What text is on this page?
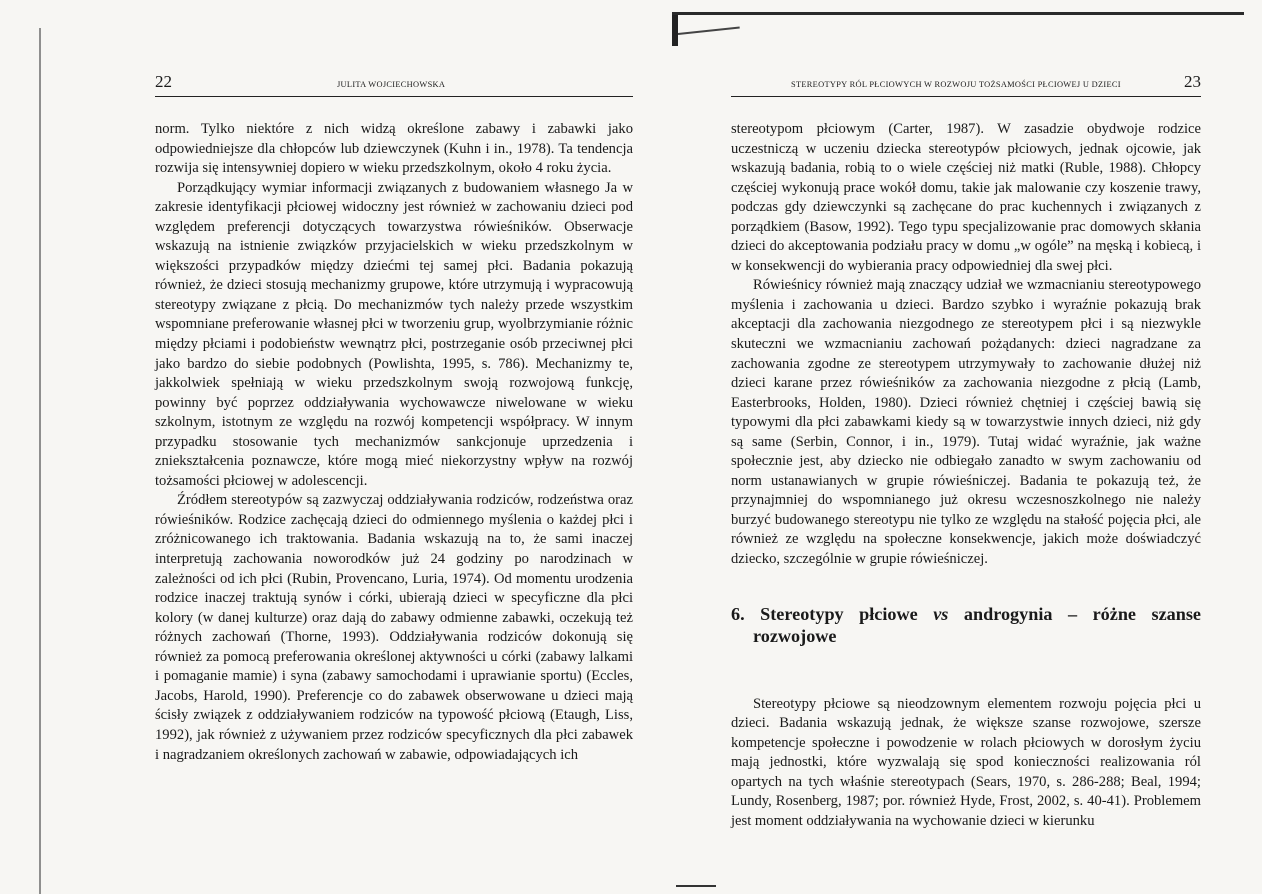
22	JULITA WOJCIECHOWSKA

norm. Tylko niektóre z nich widzą określone zabawy i zabawki jako odpowiedniejsze dla chłopców lub dziewczynek (Kuhn i in., 1978). Ta tendencja rozwija się intensywniej dopiero w wieku przedszkolnym, około 4 roku życia.

Porządkujący wymiar informacji związanych z budowaniem własnego Ja w zakresie identyfikacji płciowej widoczny jest również w zachowaniu dzieci pod względem preferencji dotyczących towarzystwa rówieśników. Obserwacje wskazują na istnienie związków przyjacielskich w wieku przedszkolnym w większości przypadków między dziećmi tej samej płci. Badania pokazują również, że dzieci stosują mechanizmy grupowe, które utrzymują i wypracowują stereotypy związane z płcią. Do mechanizmów tych należy przede wszystkim wspomniane preferowanie własnej płci w tworzeniu grup, wyolbrzymianie różnic między płciami i podobieństw wewnątrz płci, postrzeganie osób przeciwnej płci jako bardzo do siebie podobnych (Powlishta, 1995, s. 786). Mechanizmy te, jakkolwiek spełniają w wieku przedszkolnym swoją rozwojową funkcję, powinny być poprzez oddziaływania wychowawcze niwelowane w wieku szkolnym, istotnym ze względu na rozwój kompetencji współpracy. W innym przypadku stosowanie tych mechanizmów sankcjonuje uprzedzenia i zniekształcenia poznawcze, które mogą mieć niekorzystny wpływ na rozwój tożsamości płciowej w adolescencji.

Źródłem stereotypów są zazwyczaj oddziaływania rodziców, rodzeństwa oraz rówieśników. Rodzice zachęcają dzieci do odmiennego myślenia o każdej płci i zróżnicowanego ich traktowania. Badania wskazują na to, że sami inaczej interpretują zachowania noworodków już 24 godziny po narodzinach w zależności od ich płci (Rubin, Provencano, Luria, 1974). Od momentu urodzenia rodzice inaczej traktują synów i córki, ubierają dzieci w specyficzne dla płci kolory (w danej kulturze) oraz dają do zabawy odmienne zabawki, oczekują też różnych zachowań (Thorne, 1993). Oddziaływania rodziców dokonują się również za pomocą preferowania określonej aktywności u córki (zabawy lalkami i pomaganie mamie) i syna (zabawy samochodami i uprawianie sportu) (Eccles, Jacobs, Harold, 1990). Preferencje co do zabawek obserwowane u dzieci mają ścisły związek z oddziaływaniem rodziców na typowość płciową (Etaugh, Liss, 1992), jak również z używaniem przez rodziców specyficznych dla płci zabawek i nagradzaniem określonych zachowań w zabawie, odpowiadających ich

STEREOTYPY RÓL PŁCIOWYCH W ROZWOJU TOŻSAMOŚCI PŁCIOWEJ U DZIECI	23

stereotypom płciowym (Carter, 1987). W zasadzie obydwoje rodzice uczestniczą w uczeniu dziecka stereotypów płciowych, jednak ojcowie, jak wskazują badania, robią to o wiele częściej niż matki (Ruble, 1988). Chłopcy częściej wykonują prace wokół domu, takie jak malowanie czy koszenie trawy, podczas gdy dziewczynki są zachęcane do prac kuchennych i związanych z porządkiem (Basow, 1992). Tego typu specjalizowanie prac domowych skłania dzieci do akceptowania podziału pracy w domu „w ogóle” na męską i kobiecą, i w konsekwencji do wybierania pracy odpowiedniej dla swej płci.

Rówieśnicy również mają znaczący udział we wzmacnianiu stereotypowego myślenia i zachowania u dzieci. Bardzo szybko i wyraźnie pokazują brak akceptacji dla zachowania niezgodnego ze stereotypem płci i są niezwykle skuteczni we wzmacnianiu zachowań pożądanych: dzieci nagradzane za zachowania zgodne ze stereotypem utrzymywały to zachowanie dłużej niż dzieci karane przez rówieśników za zachowania niezgodne z płcią (Lamb, Easterbrooks, Holden, 1980). Dzieci również chętniej i częściej bawią się typowymi dla płci zabawkami kiedy są w towarzystwie innych dzieci, niż gdy są same (Serbin, Connor, i in., 1979). Tutaj widać wyraźnie, jak ważne społecznie jest, aby dziecko nie odbiegało zanadto w swym zachowaniu od norm ustanawianych w grupie rówieśniczej. Badania te pokazują też, że przynajmniej do wspomnianego już okresu wczesnoszkolnego nie należy burzyć budowanego stereotypu nie tylko ze względu na stałość pojęcia płci, ale również ze względu na społeczne konsekwencje, jakich może doświadczyć dziecko, szczególnie w grupie rówieśniczej.

6. Stereotypy płciowe vs androgynia – różne szanse rozwojowe

Stereotypy płciowe są nieodzownym elementem rozwoju pojęcia płci u dzieci. Badania wskazują jednak, że większe szanse rozwojowe, szersze kompetencje społeczne i powodzenie w rolach płciowych w dorosłym życiu mają jednostki, które wyzwalają się spod konieczności realizowania ról opartych na tych właśnie stereotypach (Sears, 1970, s. 286-288; Beal, 1994; Lundy, Rosenberg, 1987; por. również Hyde, Frost, 2002, s. 40-41). Problemem jest moment oddziaływania na wychowanie dzieci w kierunku
